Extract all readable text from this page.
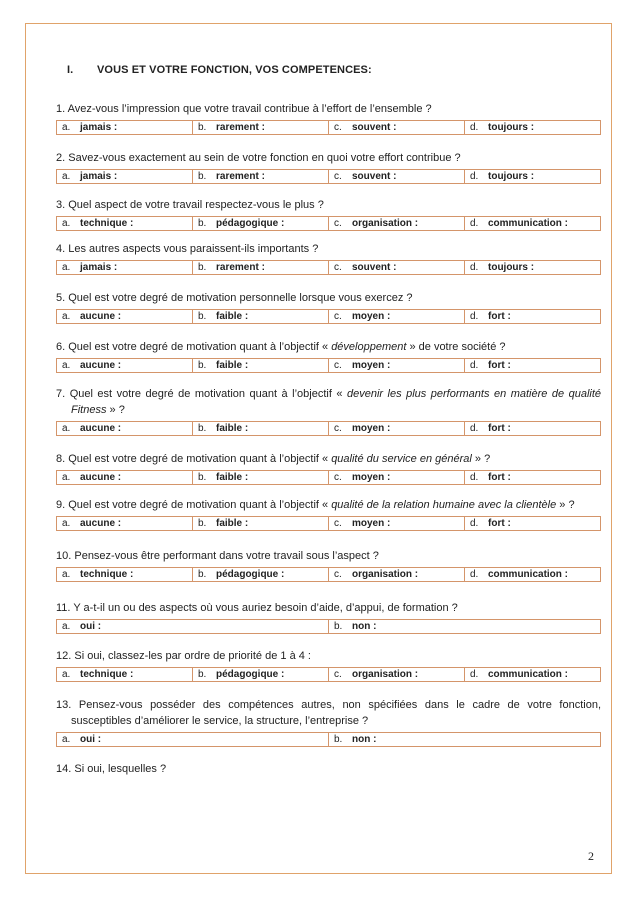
I. VOUS ET VOTRE FONCTION, VOS COMPETENCES:
1. Avez-vous l’impression que votre travail contribue à l’effort de l’ensemble ?
a. jamais :	b. rarement :	c. souvent :	d. toujours :
2. Savez-vous exactement au sein de votre fonction en quoi votre effort contribue ?
a. jamais :	b. rarement :	c. souvent :	d. toujours :
3. Quel aspect de votre travail respectez-vous le plus ?
a. technique :	b. pédagogique :	c. organisation :	d. communication :
4. Les autres aspects vous paraissent-ils importants ?
a. jamais :	b. rarement :	c. souvent :	d. toujours :
5. Quel est votre degré de motivation personnelle lorsque vous exercez ?
a. aucune :	b. faible :	c. moyen :	d. fort :
6. Quel est votre degré de motivation quant à l’objectif « développement » de votre société ?
a. aucune :	b. faible :	c. moyen :	d. fort :
7. Quel est votre degré de motivation quant à l’objectif « devenir les plus performants en matière de qualité Fitness » ?
a. aucune :	b. faible :	c. moyen :	d. fort :
8. Quel est votre degré de motivation quant à l’objectif « qualité du service en général » ?
a. aucune :	b. faible :	c. moyen :	d. fort :
9. Quel est votre degré de motivation quant à l’objectif « qualité de la relation humaine avec la clientèle » ?
a. aucune :	b. faible :	c. moyen :	d. fort :
10. Pensez-vous être performant dans votre travail sous l’aspect ?
a. technique :	b. pédagogique :	c. organisation :	d. communication :
11. Y a-t-il un ou des aspects où vous auriez besoin d’aide, d’appui, de formation ?
a. oui :	b. non :
12. Si oui, classez-les par ordre de priorité de 1 à 4 :
a. technique :	b. pédagogique :	c. organisation :	d. communication :
13. Pensez-vous posséder des compétences autres, non spécifiées dans le cadre de votre fonction, susceptibles d’améliorer le service, la structure, l’entreprise ?
a. oui :	b. non :
14. Si oui, lesquelles ?
2
